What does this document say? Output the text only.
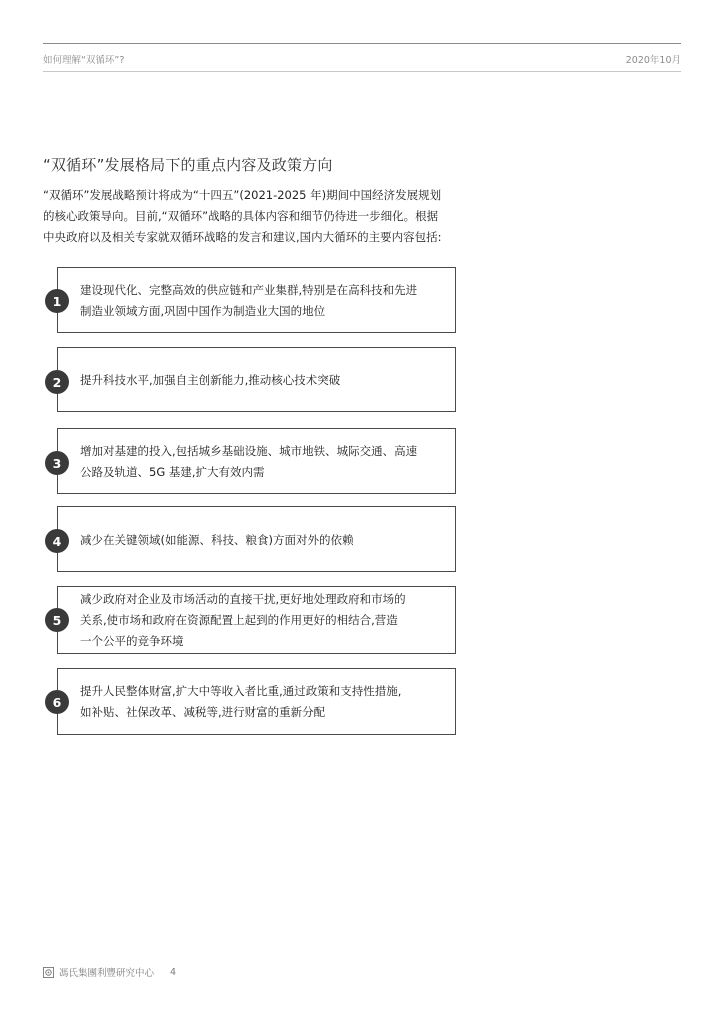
如何理解“双循环”?	2020年10月
“双循环”发展格局下的重点内容及政策方向
“双循环”发展战略预计将成为“十四五”(2021-2025 年)期间中国经济发展规划
的核心政策导向。目前,“双循环”战略的具体内容和细节仍待进一步细化。根据
中央政府以及相关专家就双循环战略的发言和建议,国内大循环的主要内容包括:
建设现代化、完整高效的供应链和产业集群,特别是在高科技和先进
制造业领域方面,巩固中国作为制造业大国的地位
1
提升科技水平,加强自主创新能力,推动核心技术突破
2
增加对基建的投入,包括城乡基础设施、城市地铁、城际交通、高速
公路及轨道、5G 基建,扩大有效内需
3
减少在关键领域(如能源、科技、粮食)方面对外的依赖
4
减少政府对企业及市场活动的直接干扰,更好地处理政府和市场的
关系,使市场和政府在资源配置上起到的作用更好的相结合,营造
一个公平的竞争环境
5
提升人民整体财富,扩大中等收入者比重,通过政策和支持性措施,
如补贴、社保改革、减税等,进行财富的重新分配
6
馮氏集團利豐研究中心 4
